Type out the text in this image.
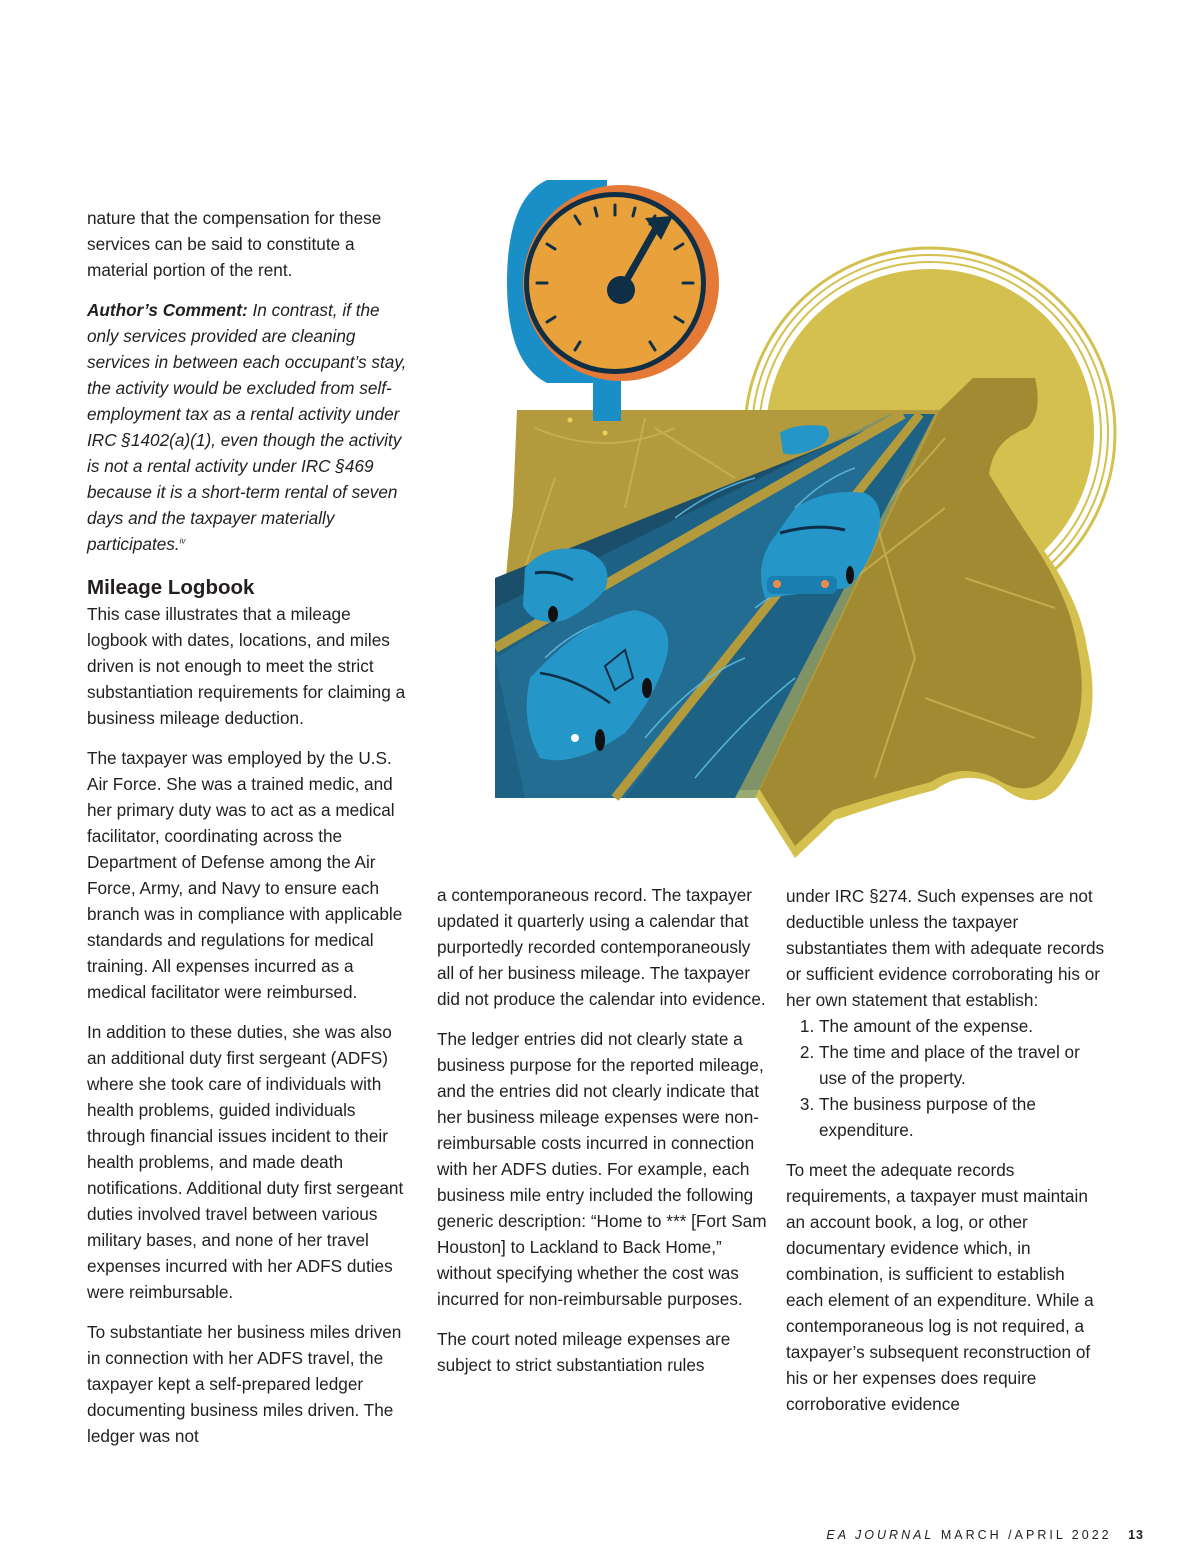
nature that the compensation for these services can be said to constitute a material portion of the rent.

Author’s Comment: In contrast, if the only services provided are cleaning services in between each occupant’s stay, the activity would be excluded from self-employment tax as a rental activity under IRC §1402(a)(1), even though the activity is not a rental activity under IRC §469 because it is a short-term rental of seven days and the taxpayer materially participates.$^{iv}$

Mileage Logbook

This case illustrates that a mileage logbook with dates, locations, and miles driven is not enough to meet the strict substantiation requirements for claiming a business mileage deduction.

The taxpayer was employed by the U.S. Air Force. She was a trained medic, and her primary duty was to act as a medical facilitator, coordinating across the Department of Defense among the Air Force, Army, and Navy to ensure each branch was in compliance with applicable standards and regulations for medical training. All expenses incurred as a medical facilitator were reimbursed.

In addition to these duties, she was also an additional duty first sergeant (ADFS) where she took care of individuals with health problems, guided individuals through financial issues incident to their health problems, and made death notifications. Additional duty first sergeant duties involved travel between various military bases, and none of her travel expenses incurred with her ADFS duties were reimbursable.

To substantiate her business miles driven in connection with her ADFS travel, the taxpayer kept a self-prepared ledger documenting business miles driven. The ledger was not

a contemporaneous record. The taxpayer updated it quarterly using a calendar that purportedly recorded contemporaneously all of her business mileage. The taxpayer did not produce the calendar into evidence.

The ledger entries did not clearly state a business purpose for the reported mileage, and the entries did not clearly indicate that her business mileage expenses were non-reimbursable costs incurred in connection with her ADFS duties. For example, each business mile entry included the following generic description: “Home to *** [Fort Sam Houston] to Lackland to Back Home,” without specifying whether the cost was incurred for non-reimbursable purposes.

The court noted mileage expenses are subject to strict substantiation rules

under IRC §274. Such expenses are not deductible unless the taxpayer substantiates them with adequate records or sufficient evidence corroborating his or her own statement that establish:

1. The amount of the expense.
2. The time and place of the travel or use of the property.
3. The business purpose of the expenditure.

To meet the adequate records requirements, a taxpayer must maintain an account book, a log, or other documentary evidence which, in combination, is sufficient to establish each element of an expenditure. While a contemporaneous log is not required, a taxpayer’s subsequent reconstruction of his or her expenses does require corroborative evidence

EA JOURNAL MARCH /APRIL 2022 13
